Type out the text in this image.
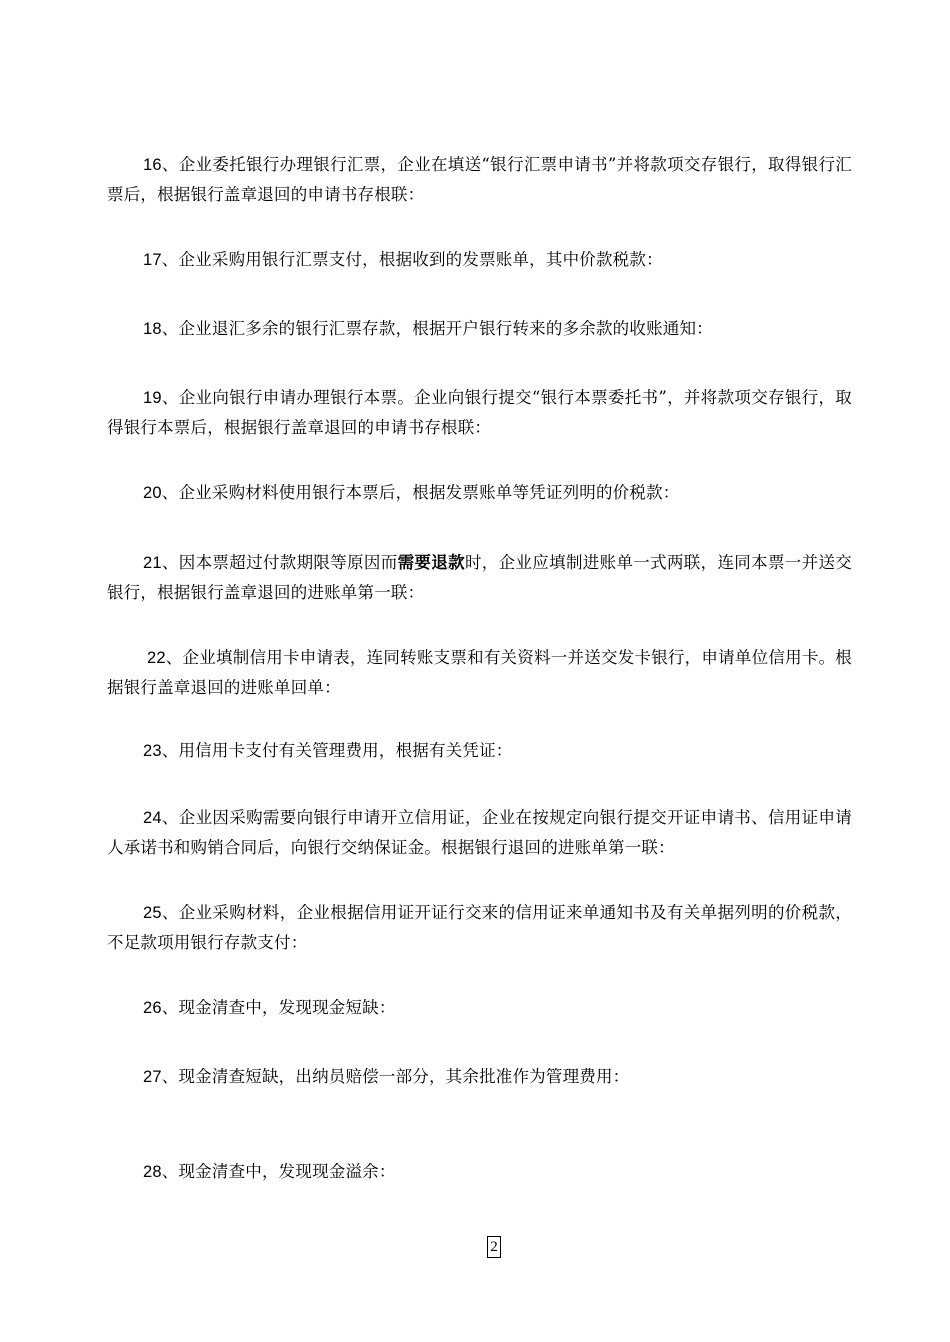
16、企业委托银行办理银行汇票，企业在填送“银行汇票申请书”并将款项交存银行，取得银行汇票后，根据银行盖章退回的申请书存根联：

17、企业采购用银行汇票支付，根据收到的发票账单，其中价款税款：

18、企业退汇多余的银行汇票存款，根据开户银行转来的多余款的收账通知：

19、企业向银行申请办理银行本票。企业向银行提交“银行本票委托书”，并将款项交存银行，取得银行本票后，根据银行盖章退回的申请书存根联：

20、企业采购材料使用银行本票后，根据发票账单等凭证列明的价税款：

21、因本票超过付款期限等原因而需要退款时，企业应填制进账单一式两联，连同本票一并送交银行，根据银行盖章退回的进账单第一联：

22、企业填制信用卡申请表，连同转账支票和有关资料一并送交发卡银行，申请单位信用卡。根据银行盖章退回的进账单回单：

23、用信用卡支付有关管理费用，根据有关凭证：

24、企业因采购需要向银行申请开立信用证，企业在按规定向银行提交开证申请书、信用证申请人承诺书和购销合同后，向银行交纳保证金。根据银行退回的进账单第一联：

25、企业采购材料，企业根据信用证开证行交来的信用证来单通知书及有关单据列明的价税款，不足款项用银行存款支付：

26、现金清查中，发现现金短缺：

27、现金清查短缺，出纳员赔偿一部分，其余批准作为管理费用：

28、现金清查中，发现现金溢余：

2
